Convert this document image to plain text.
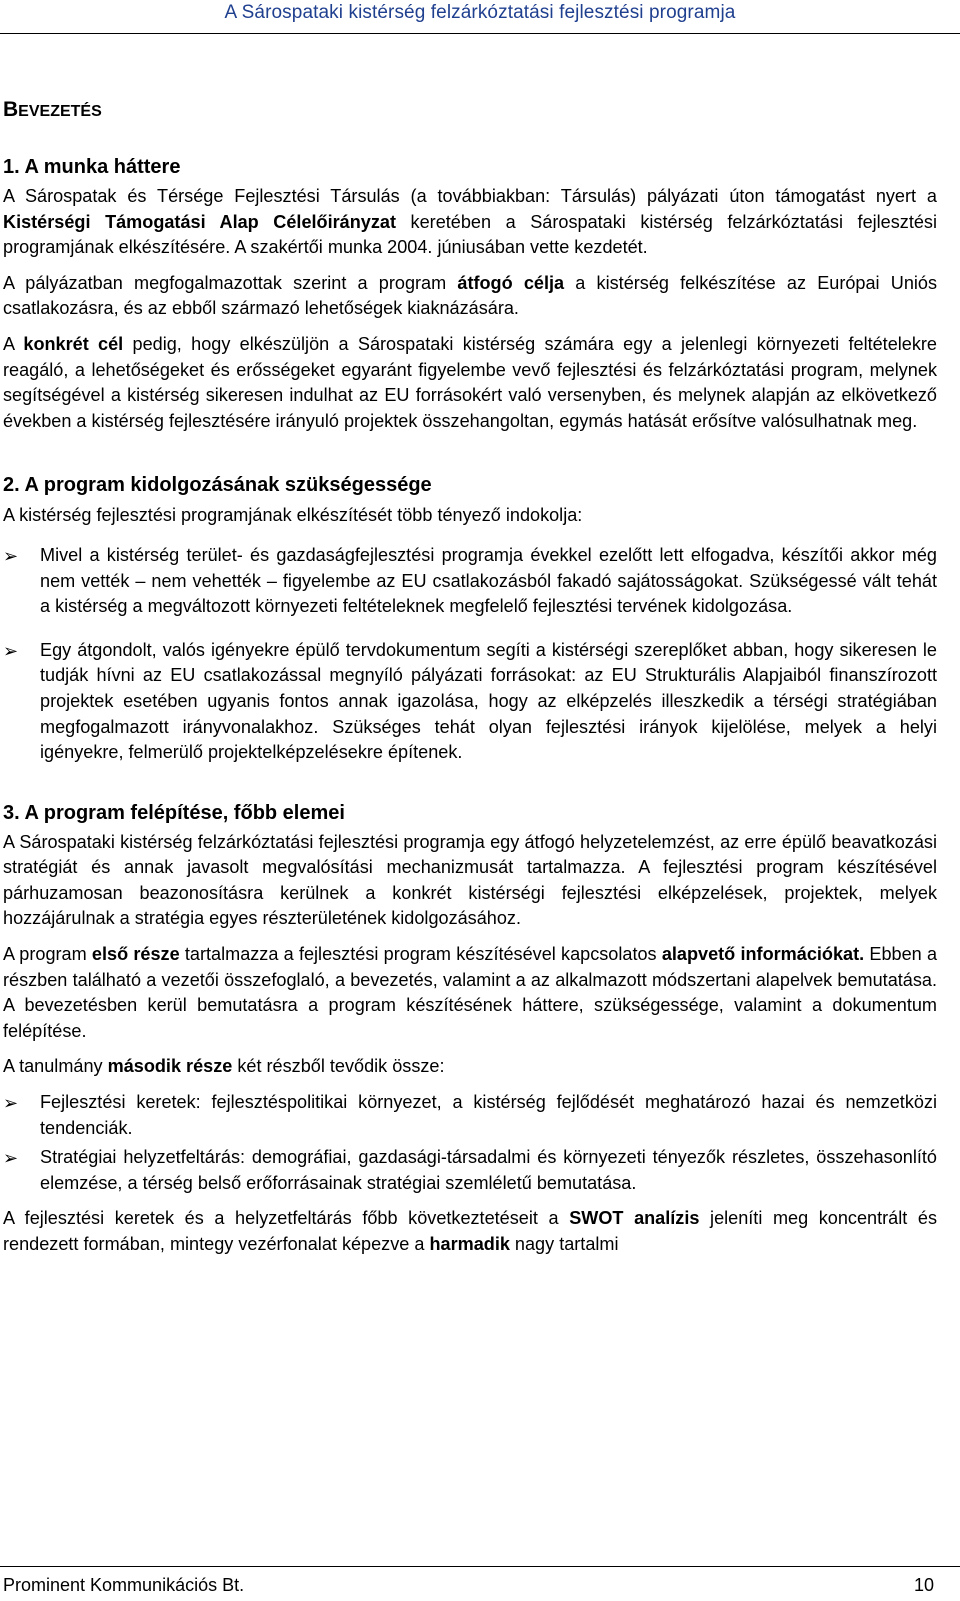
A Sárospataki kistérség felzárkóztatási fejlesztési programja
BEVEZETÉS
1. A munka háttere

A Sárospatak és Térsége Fejlesztési Társulás (a továbbiakban: Társulás) pályázati úton támogatást nyert a Kistérségi Támogatási Alap Célelőirányzat keretében a Sárospataki kistérség felzárkóztatási fejlesztési programjának elkészítésére. A szakértői munka 2004. júniusában vette kezdetét.

A pályázatban megfogalmazottak szerint a program átfogó célja a kistérség felkészítése az Európai Uniós csatlakozásra, és az ebből származó lehetőségek kiaknázására.

A konkrét cél pedig, hogy elkészüljön a Sárospataki kistérség számára egy a jelenlegi környezeti feltételekre reagáló, a lehetőségeket és erősségeket egyaránt figyelembe vevő fejlesztési és felzárkóztatási program, melynek segítségével a kistérség sikeresen indulhat az EU forrásokért való versenyben, és melynek alapján az elkövetkező években a kistérség fejlesztésére irányuló projektek összehangoltan, egymás hatását erősítve valósulhatnak meg.

2. A program kidolgozásának szükségessége

A kistérség fejlesztési programjának elkészítését több tényező indokolja:

➢	Mivel a kistérség terület- és gazdaságfejlesztési programja évekkel ezelőtt lett elfogadva, készítői akkor még nem vették – nem vehették – figyelembe az EU csatlakozásból fakadó sajátosságokat. Szükségessé vált tehát a kistérség a megváltozott környezeti feltételeknek megfelelő fejlesztési tervének kidolgozása.

➢	Egy átgondolt, valós igényekre épülő tervdokumentum segíti a kistérségi szereplőket abban, hogy sikeresen le tudják hívni az EU csatlakozással megnyíló pályázati forrásokat: az EU Strukturális Alapjaiból finanszírozott projektek esetében ugyanis fontos annak igazolása, hogy az elképzelés illeszkedik a térségi stratégiában megfogalmazott irányvonalakhoz. Szükséges tehát olyan fejlesztési irányok kijelölése, melyek a helyi igényekre, felmerülő projektelképzelésekre építenek.

3. A program felépítése, főbb elemei

A Sárospataki kistérség felzárkóztatási fejlesztési programja egy átfogó helyzetelemzést, az erre épülő beavatkozási stratégiát és annak javasolt megvalósítási mechanizmusát tartalmazza. A fejlesztési program készítésével párhuzamosan beazonosításra kerülnek a konkrét kistérségi fejlesztési elképzelések, projektek, melyek hozzájárulnak a stratégia egyes részterületének kidolgozásához.

A program első része tartalmazza a fejlesztési program készítésével kapcsolatos alapvető információkat. Ebben a részben található a vezetői összefoglaló, a bevezetés, valamint a az alkalmazott módszertani alapelvek bemutatása. A bevezetésben kerül bemutatásra a program készítésének háttere, szükségessége, valamint a dokumentum felépítése.

A tanulmány második része két részből tevődik össze:

➢	Fejlesztési keretek: fejlesztéspolitikai környezet, a kistérség fejlődését meghatározó hazai és nemzetközi tendenciák.

➢	Stratégiai helyzetfeltárás: demográfiai, gazdasági-társadalmi és környezeti tényezők részletes, összehasonlító elemzése, a térség belső erőforrásainak stratégiai szemléletű bemutatása.

A fejlesztési keretek és a helyzetfeltárás főbb következtetéseit a SWOT analízis jeleníti meg koncentrált és rendezett formában, mintegy vezérfonalat képezve a harmadik nagy tartalmi

Prominent Kommunikációs Bt.	10
